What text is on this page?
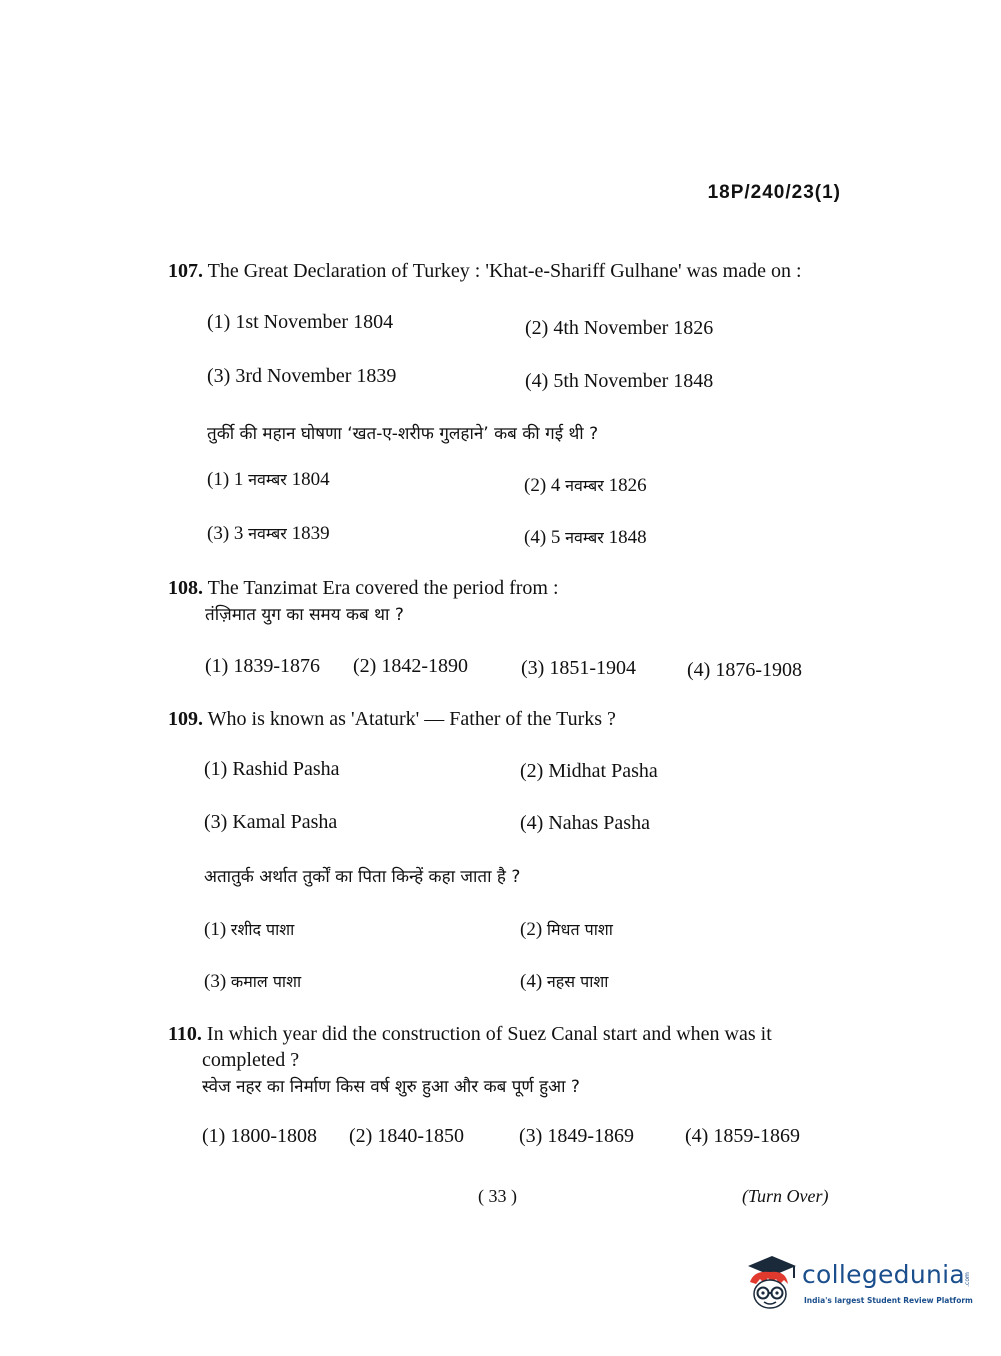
18P/240/23(1)
107. The Great Declaration of Turkey : 'Khat-e-Shariff Gulhane' was made on :
(1) 1st November 1804	(2) 4th November 1826
(3) 3rd November 1839	(4) 5th November 1848
तुर्की की महान घोषणा ‘खत-ए-शरीफ गुलहाने’ कब की गई थी ?
(1) 1 नवम्बर 1804	(2) 4 नवम्बर 1826
(3) 3 नवम्बर 1839	(4) 5 नवम्बर 1848
108. The Tanzimat Era covered the period from :
तंज़िमात युग का समय कब था ?
(1) 1839-1876 (2) 1842-1890	(3) 1851-1904	(4) 1876-1908
109. Who is known as 'Ataturk' — Father of the Turks ?
(1) Rashid Pasha	(2) Midhat Pasha
(3) Kamal Pasha	(4) Nahas Pasha
अतातुर्क अर्थात तुर्कों का पिता किन्हें कहा जाता है ?
(1) रशीद पाशा	(2) मिधत पाशा
(3) कमाल पाशा	(4) नहस पाशा
110. In which year did the construction of Suez Canal start and when was it completed ?
स्वेज नहर का निर्माण किस वर्ष शुरु हुआ और कब पूर्ण हुआ ?
(1) 1800-1808 (2) 1840-1850	(3) 1849-1869	(4) 1859-1869
( 33 )	(Turn Over)
collegedunia
.com
India's largest Student Review Platform
